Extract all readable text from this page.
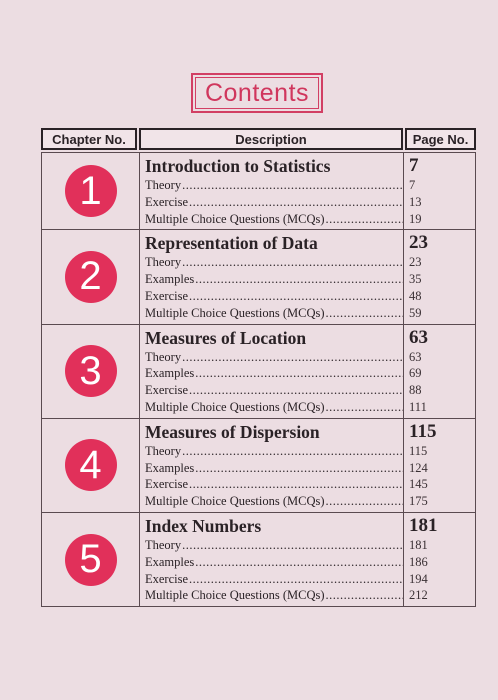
Contents
Chapter No.	Description	Page No.
1
Introduction to Statistics
Theory
.....
Exercise
.....
Multiple Choice Questions (MCQs)
.....
7
7
13
19
2
Representation of Data
Theory
.....
Examples
.....
Exercise
.....
Multiple Choice Questions (MCQs)
.....
23
23
35
48
59
3
Measures of Location
Theory
.....
Examples
.....
Exercise
.....
Multiple Choice Questions (MCQs)
.....
63
63
69
88
111
4
Measures of Dispersion
Theory
.....
Examples
.....
Exercise
.....
Multiple Choice Questions (MCQs)
.....
115
115
124
145
175
5
Index Numbers
Theory
.....
Examples
.....
Exercise
.....
Multiple Choice Questions (MCQs)
.....
181
181
186
194
212
